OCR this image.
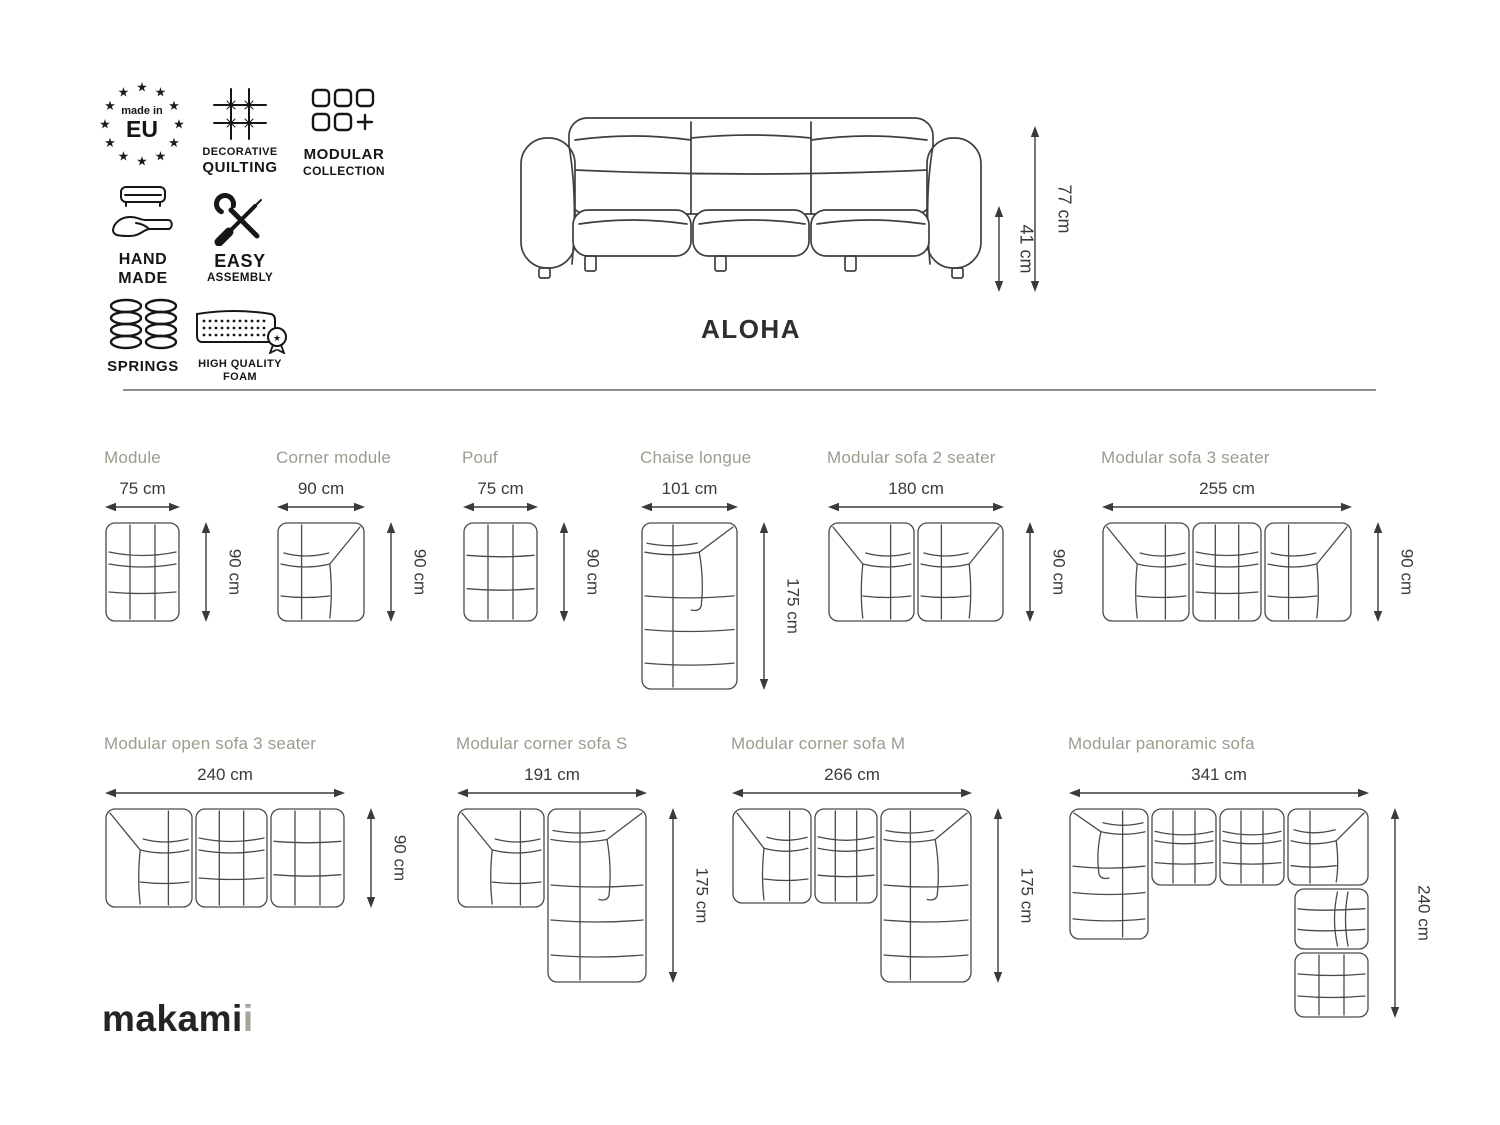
★ ★
★
★
★
★
★
★
★
★
★
★
made in
EU
DECORATIVE
QUILTING
MODULAR
COLLECTION
HAND
MADE
EASY
ASSEMBLY
SPRINGS
★
HIGH QUALITY
FOAM
41 cm
77 cm
ALOHA
Module
75 cm
90 cm
Corner module
90 cm
90 cm
Pouf
75 cm
90 cm
Chaise longue
101 cm
175 cm
Modular sofa 2 seater
180 cm
90 cm
Modular sofa 3 seater
255 cm
90 cm
Modular open sofa 3 seater
240 cm
90 cm
Modular corner sofa S
191 cm
175 cm
Modular corner sofa M
266 cm
175 cm
Modular panoramic sofa
341 cm
240 cm
makamii
